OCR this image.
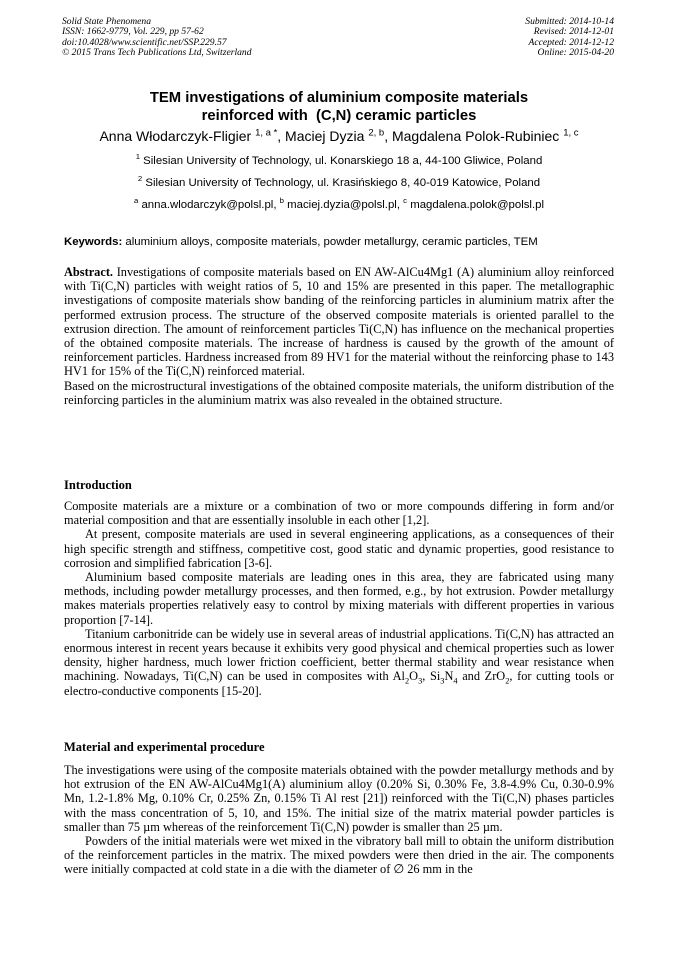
Solid State Phenomena
ISSN: 1662-9779, Vol. 229, pp 57-62
doi:10.4028/www.scientific.net/SSP.229.57
© 2015 Trans Tech Publications Ltd, Switzerland
Submitted: 2014-10-14
Revised: 2014-12-01
Accepted: 2014-12-12
Online: 2015-04-20
TEM investigations of aluminium composite materials
reinforced with  (C,N) ceramic particles
Anna Włodarczyk-Fligier $^{1, a *}$, Maciej Dyzia $^{2, b}$, Magdalena Polok-Rubiniec $^{1, c}$
$^1$ Silesian University of Technology, ul. Konarskiego 18 a, 44-100 Gliwice, Poland
$^2$ Silesian University of Technology, ul. Krasińskiego 8, 40-019 Katowice, Poland
$^a$ anna.wlodarczyk@polsl.pl, $^b$ maciej.dyzia@polsl.pl, $^c$ magdalena.polok@polsl.pl
Keywords: aluminium alloys, composite materials, powder metallurgy, ceramic particles, TEM

Abstract. Investigations of composite materials based on EN AW-AlCu4Mg1 (A) aluminium alloy reinforced with Ti(C,N) particles with weight ratios of 5, 10 and 15% are presented in this paper. The metallographic investigations of composite materials show banding of the reinforcing particles in aluminium matrix after the performed extrusion process. The structure of the observed composite materials is oriented parallel to the extrusion direction. The amount of reinforcement particles Ti(C,N) has influence on the mechanical properties of the obtained composite materials. The increase of hardness is caused by the growth of the amount of reinforcement particles. Hardness increased from 89 HV1 for the material without the reinforcing phase to 143 HV1 for 15% of the Ti(C,N) reinforced material.

Based on the microstructural investigations of the obtained composite materials, the uniform distribution of the reinforcing particles in the aluminium matrix was also revealed in the obtained structure.

Introduction

Composite materials are a mixture or a combination of two or more compounds differing in form and/or material composition and that are essentially insoluble in each other [1,2].

At present, composite materials are used in several engineering applications, as a consequences of their high specific strength and stiffness, competitive cost, good static and dynamic properties, good resistance to corrosion and simplified fabrication [3-6].

Aluminium based composite materials are leading ones in this area, they are fabricated using many methods, including powder metallurgy processes, and then formed, e.g., by hot extrusion. Powder metallurgy makes materials properties relatively easy to control by mixing materials with different properties in various proportion [7-14].

Titanium carbonitride can be widely use in several areas of industrial applications. Ti(C,N) has attracted an enormous interest in recent years because it exhibits very good physical and chemical properties such as lower density, higher hardness, much lower friction coefficient, better thermal stability and wear resistance when machining. Nowadays, Ti(C,N) can be used in composites with $Al_2O_3$, $Si_3N_4$ and ZrO$_2$, for cutting tools or electro-conductive components [15-20].

Material and experimental procedure

The investigations were using of the composite materials obtained with the powder metallurgy methods and by hot extrusion of the EN AW-AlCu4Mg1(A) aluminium alloy (0.20% Si, 0.30% Fe, 3.8-4.9% Cu, 0.30-0.9% Mn, 1.2-1.8% Mg, 0.10% Cr, 0.25% Zn, 0.15% Ti Al rest [21]) reinforced with the Ti(C,N) phases particles with the mass concentration of 5, 10, and 15%. The initial size of the matrix material powder particles is smaller than 75 µm whereas of the reinforcement Ti(C,N) powder is smaller than 25 µm.

Powders of the initial materials were wet mixed in the vibratory ball mill to obtain the uniform distribution of the reinforcement particles in the matrix. The mixed powders were then dried in the air. The components were initially compacted at cold state in a die with the diameter of ∅ 26 mm in the
